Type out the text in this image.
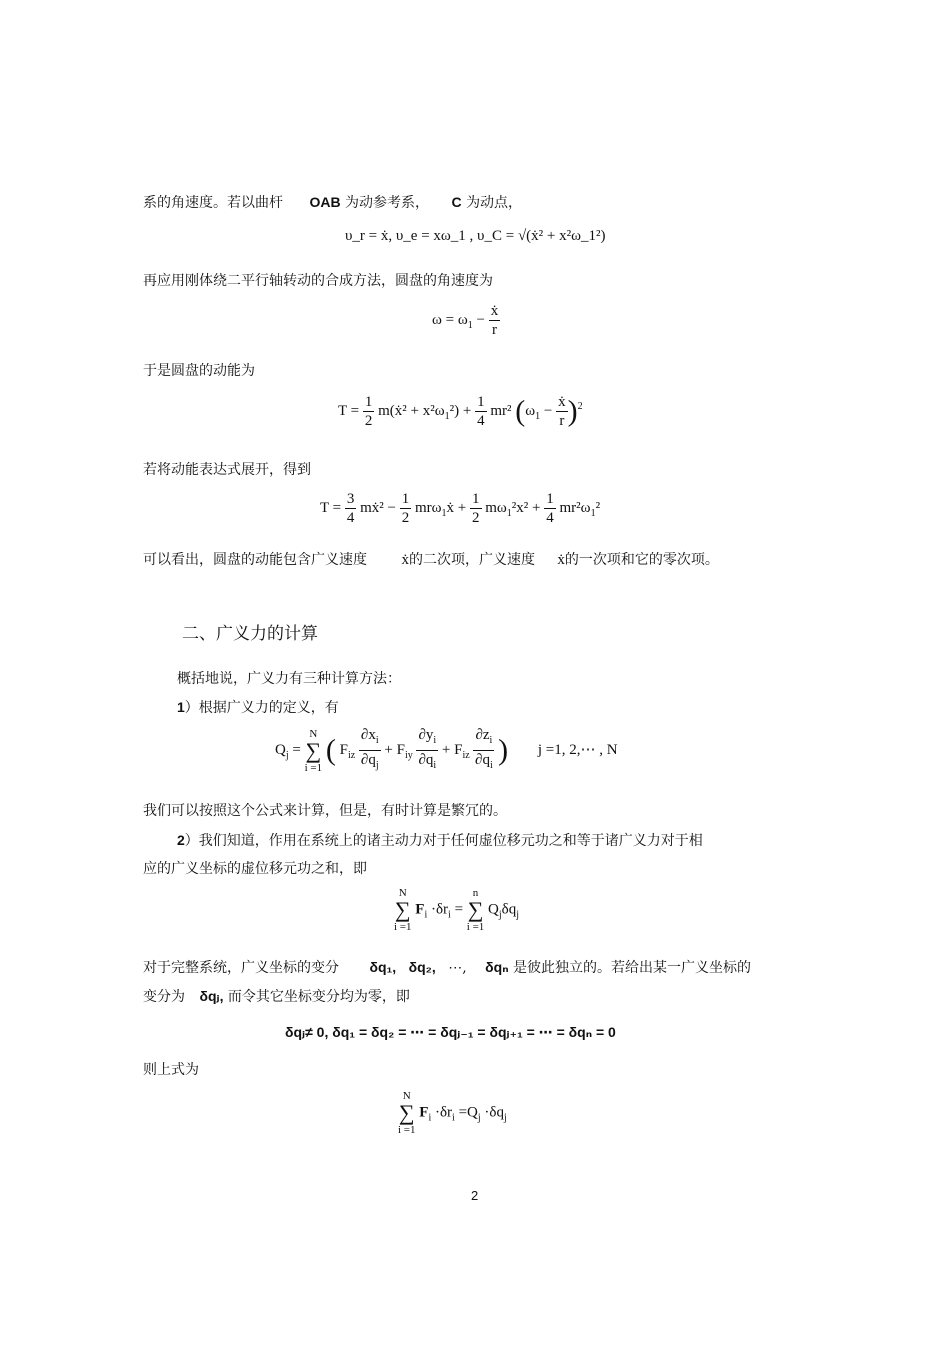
系的角速度。若以曲杆 OAB 为动参考系， C 为动点，
υ_r = ẋ, υ_e = xω_1 , υ_C = √(ẋ² + x²ω_1²)
再应用刚体绕二平行轴转动的合成方法，圆盘的角速度为
$\omega = \omega_1 - \frac{\text{ẋ}}{r}$
于是圆盘的动能为
$T = \frac{1}{2}$ m(ẋ² + $x^2\omega_1^2) + \frac{1}{4} mr^2$ $(\omega_1 - \frac{\text{ẋ}}{r} )^2$
若将动能表达式展开，得到
$T = \frac{3}{4}$ mẋ² − $\frac{1}{2}$ mrω$_1$ẋ + $\frac{1}{2} m\omega_1^2x^2 + \frac{1}{4} mr^2\omega_1^2$
可以看出，圆盘的动能包含广义速度 ẋ的二次项，广义速度 ẋ的一次项和它的零次项。
二、广义力的计算
概括地说，广义力有三种计算方法：
1）根据广义力的定义，有
$Q_j = N$
∑
i =1 ( $F_{iz} \frac{\partial x_i}{\partial q_j} + F_{iy} \frac{\partial y_i}{\partial q_i} + F_{iz} \frac{\partial z_i}{\partial q_i}$ ) j =1, 2,⋯ , N
我们可以按照这个公式来计算，但是，有时计算是繁冗的。
2）我们知道，作用在系统上的诸主动力对于任何虚位移元功之和等于诸广义力对于相
应的广义坐标的虚位移元功之和，即
N
∑
i =1 $F_i \cdot\delta r_i = n$
∑
i =1 $Q_j\delta q_j$
对于完整系统，广义坐标的变分 δq₁, δq₂, ⋯, δqₙ 是彼此独立的。若给出某一广义坐标的
变分为 δqⱼ, 而令其它坐标变分均为零，即
δqⱼ≠ 0, δq₁ = δq₂ = ⋯ = δqⱼ₋₁ = δqⱼ₊₁ = ⋯ = δqₙ = 0
则上式为
N
∑
i =1 $F_i \cdot\delta r_i =Q_j \cdot\delta q_j$
2
